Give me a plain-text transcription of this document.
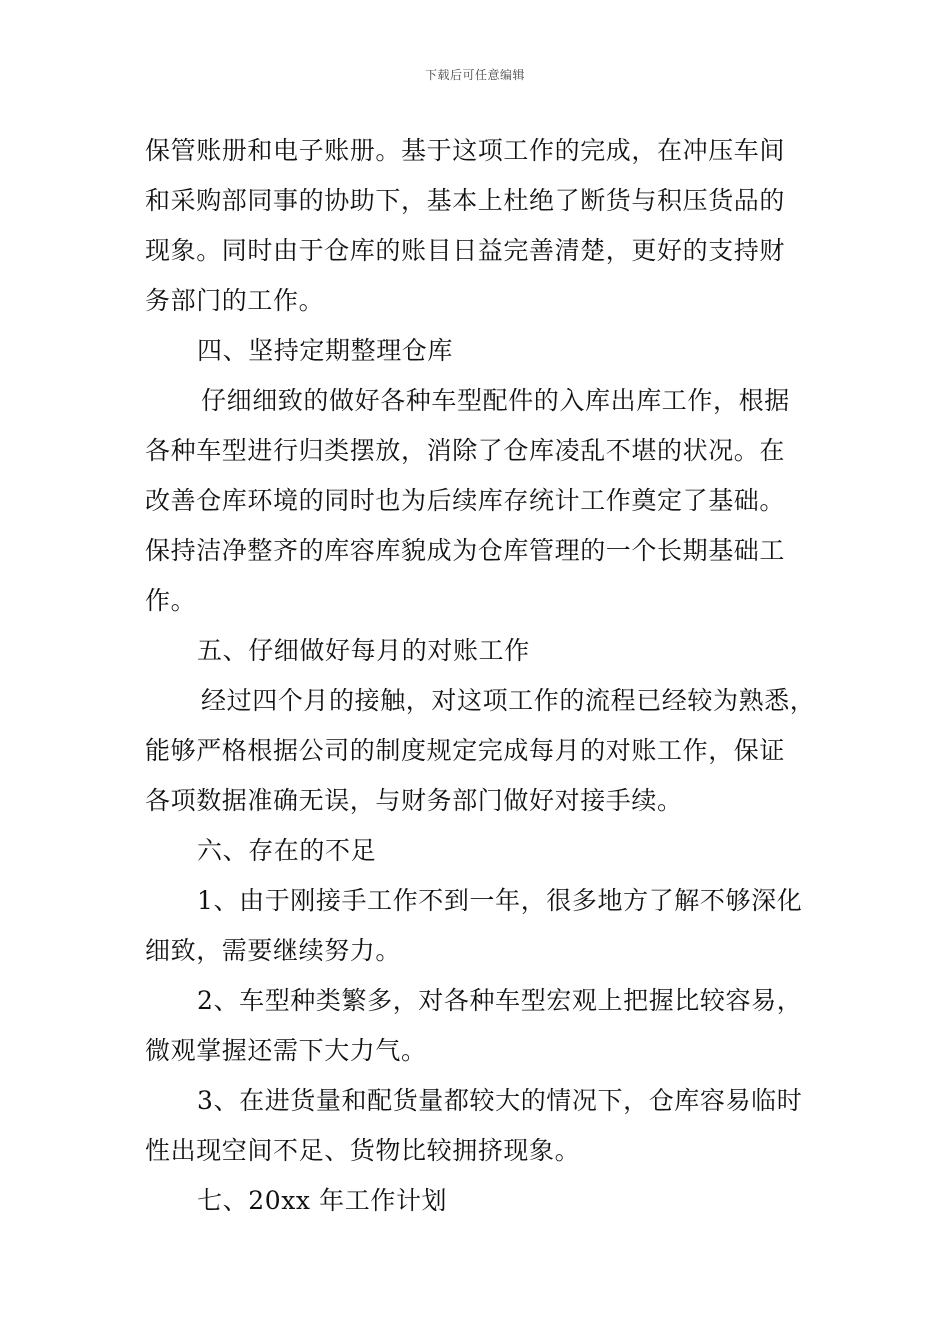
下载后可任意编辑
保管账册和电子账册。基于这项工作的完成，在冲压车间
和采购部同事的协助下，基本上杜绝了断货与积压货品的
现象。同时由于仓库的账目日益完善清楚，更好的支持财
务部门的工作。
四、坚持定期整理仓库
仔细细致的做好各种车型配件的入库出库工作，根据
各种车型进行归类摆放，消除了仓库凌乱不堪的状况。在
改善仓库环境的同时也为后续库存统计工作奠定了基础。
保持洁净整齐的库容库貌成为仓库管理的一个长期基础工
作。
五、仔细做好每月的对账工作
经过四个月的接触，对这项工作的流程已经较为熟悉，
能够严格根据公司的制度规定完成每月的对账工作，保证
各项数据准确无误，与财务部门做好对接手续。
六、存在的不足
1、由于刚接手工作不到一年，很多地方了解不够深化
细致，需要继续努力。
2、车型种类繁多，对各种车型宏观上把握比较容易，
微观掌握还需下大力气。
3、在进货量和配货量都较大的情况下，仓库容易临时
性出现空间不足、货物比较拥挤现象。
七、20xx 年工作计划
